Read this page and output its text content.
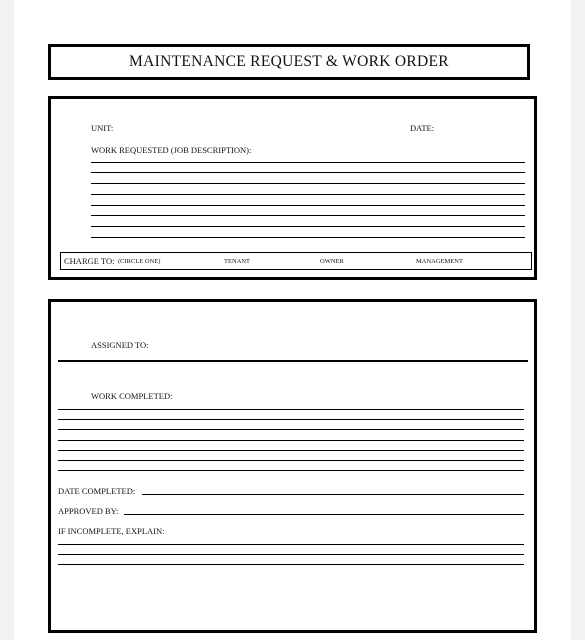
MAINTENANCE REQUEST & WORK ORDER
UNIT:	DATE:
WORK REQUESTED (JOB DESCRIPTION):
CHARGE TO: (CIRCLE ONE)	TENANT	OWNER	MANAGEMENT
ASSIGNED TO:
WORK COMPLETED:
DATE COMPLETED:
APPROVED BY:
IF INCOMPLETE, EXPLAIN:
